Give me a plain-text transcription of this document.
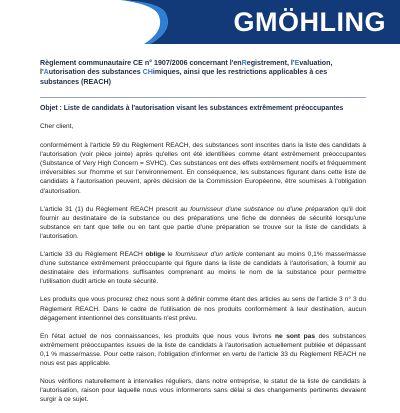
GMÖHLING
Règlement communautaire CE n° 1907/2006 concernant l'enRegistrement, l'Evaluation,
l'Autorisation des substances CHimiques, ainsi que les restrictions applicables à ces
substances (REACH)
Objet : Liste de candidats à l'autorisation visant les substances extrêmement préoccupantes

Cher client,

conformément à l'article 59 du Règlement REACH, des substances sont inscrites dans la liste des candidats à l'autorisation (voir pièce jointe) après qu'elles ont été identifiées comme étant extrêmement préoccupantes (Substance of Very High Concern = SVHC). Ces substances ont des effets extrêmement nocifs et fréquemment irréversibles sur l'homme et sur l'environnement. En conséquence, les substances figurant dans cette liste de candidats à l'autorisation peuvent, après décision de la Commission Européenne, être soumises à l'obligation d'autorisation.

L'article 31 (1) du Règlement REACH prescrit au fournisseur d'une substance ou d'une préparation qu'il doit fournir au destinataire de la substance ou des préparations une fiche de données de sécurité lorsqu'une substance en tant que telle ou en tant que partie d'une préparation se trouve sur la liste de candidats à l'autorisation.

L'article 33 du Règlement REACH oblige le fournisseur d'un article contenant au moins 0,1% masse/masse d'une substance extrêmement préoccupante qui figure dans la liste de candidats à l'autorisation, à fournir au destinataire des informations suffisantes comprenant au moins le nom de la substance pour permettre l'utilisation dudit article en toute sécurité.

Les produits que vous procurez chez nous sont à définir comme étant des articles au sens de l'article 3 n° 3 du Règlement REACH. Dans le cadre de l'utilisation de nos produits conformément à leur destination, aucun dégagement intentionnel des constituants n'est prévu.

En l'état actuel de nos connaissances, les produits que nous vous livrons ne sont pas des substances extrêmement préoccupantes issues de la liste de candidats à l'autorisation actuellement publiée et dépassant 0,1 % masse/masse. Pour cette raison, l'obligation d'informer en vertu de l'article 33 du Règlement REACH ne nous est pas applicable.

Nous vérifions naturellement à intervalles réguliers, dans notre entreprise, le statut de la liste de candidats à l'autorisation, raison pour laquelle nous vous informerons sans délai si des changements pertinents devaient surgir à ce sujet.
